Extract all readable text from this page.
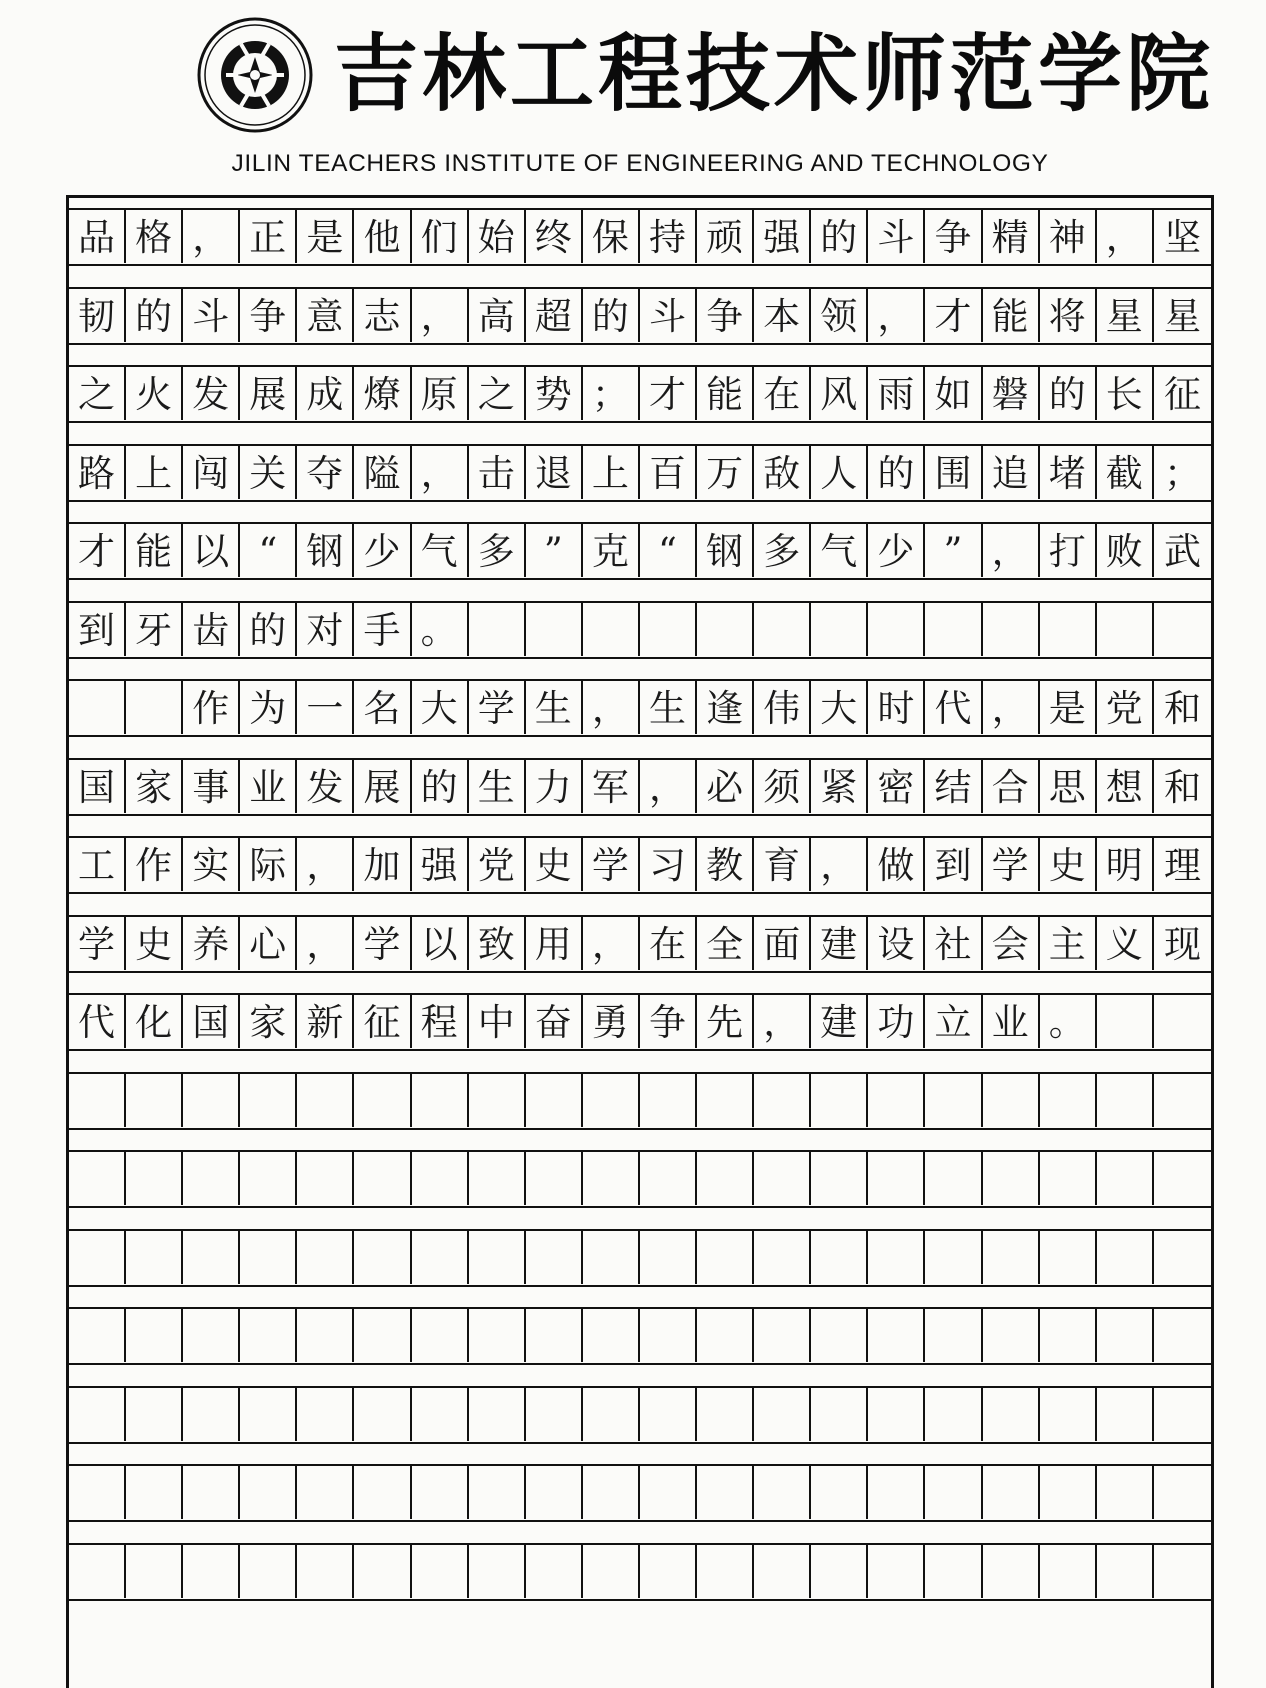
吉林工程技术师范学院
JILIN TEACHERS INSTITUTE OF ENGINEERING AND TECHNOLOGY
品 格 ， 正 是 他 们 始 终 保 持 顽 强 的 斗 争 精 神 ， 坚
韧 的 斗 争 意 志 ， 高 超 的 斗 争 本 领 ， 才 能 将 星 星
之 火 发 展 成 燎 原 之 势 ； 才 能 在 风 雨 如 磐 的 长 征
路 上 闯 关 夺 隘 ， 击 退 上 百 万 敌 人 的 围 追 堵 截 ；
才 能 以 “ 钢 少 气 多 ” 克 “ 钢 多 气 少 ” ， 打 败 武
到 牙 齿 的 对 手 。
作 为 一 名 大 学 生 ， 生 逢 伟 大 时 代 ， 是 党 和
国 家 事 业 发 展 的 生 力 军 ， 必 须 紧 密 结 合 思 想 和
工 作 实 际 ， 加 强 党 史 学 习 教 育 ， 做 到 学 史 明 理
学 史 养 心 ， 学 以 致 用 ， 在 全 面 建 设 社 会 主 义 现
代 化 国 家 新 征 程 中 奋 勇 争 先 ， 建 功 立 业 。
